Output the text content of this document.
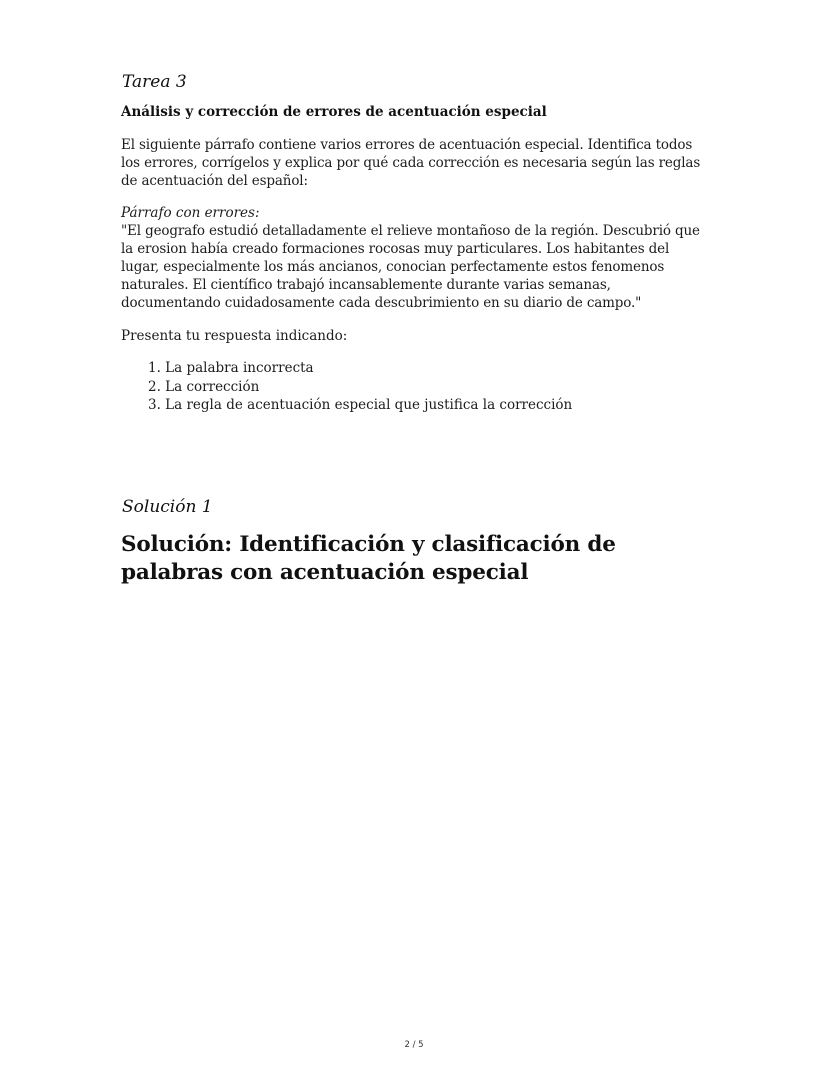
Tarea 3
Análisis y corrección de errores de acentuación especial

El siguiente párrafo contiene varios errores de acentuación especial. Identifica todos los errores, corrígelos y explica por qué cada corrección es necesaria según las reglas de acentuación del español:

Párrafo con errores:

"El geografo estudió detalladamente el relieve montañoso de la región. Descubrió que la erosion había creado formaciones rocosas muy particulares. Los habitantes del lugar, especialmente los más ancianos, conocian perfectamente estos fenomenos naturales. El científico trabajó incansablemente durante varias semanas, documentando cuidadosamente cada descubrimiento en su diario de campo."

Presenta tu respuesta indicando:

1. La palabra incorrecta
2. La corrección
3. La regla de acentuación especial que justifica la corrección
Solución 1
Solución: Identificación y clasificación de palabras con acentuación especial
2 / 5
